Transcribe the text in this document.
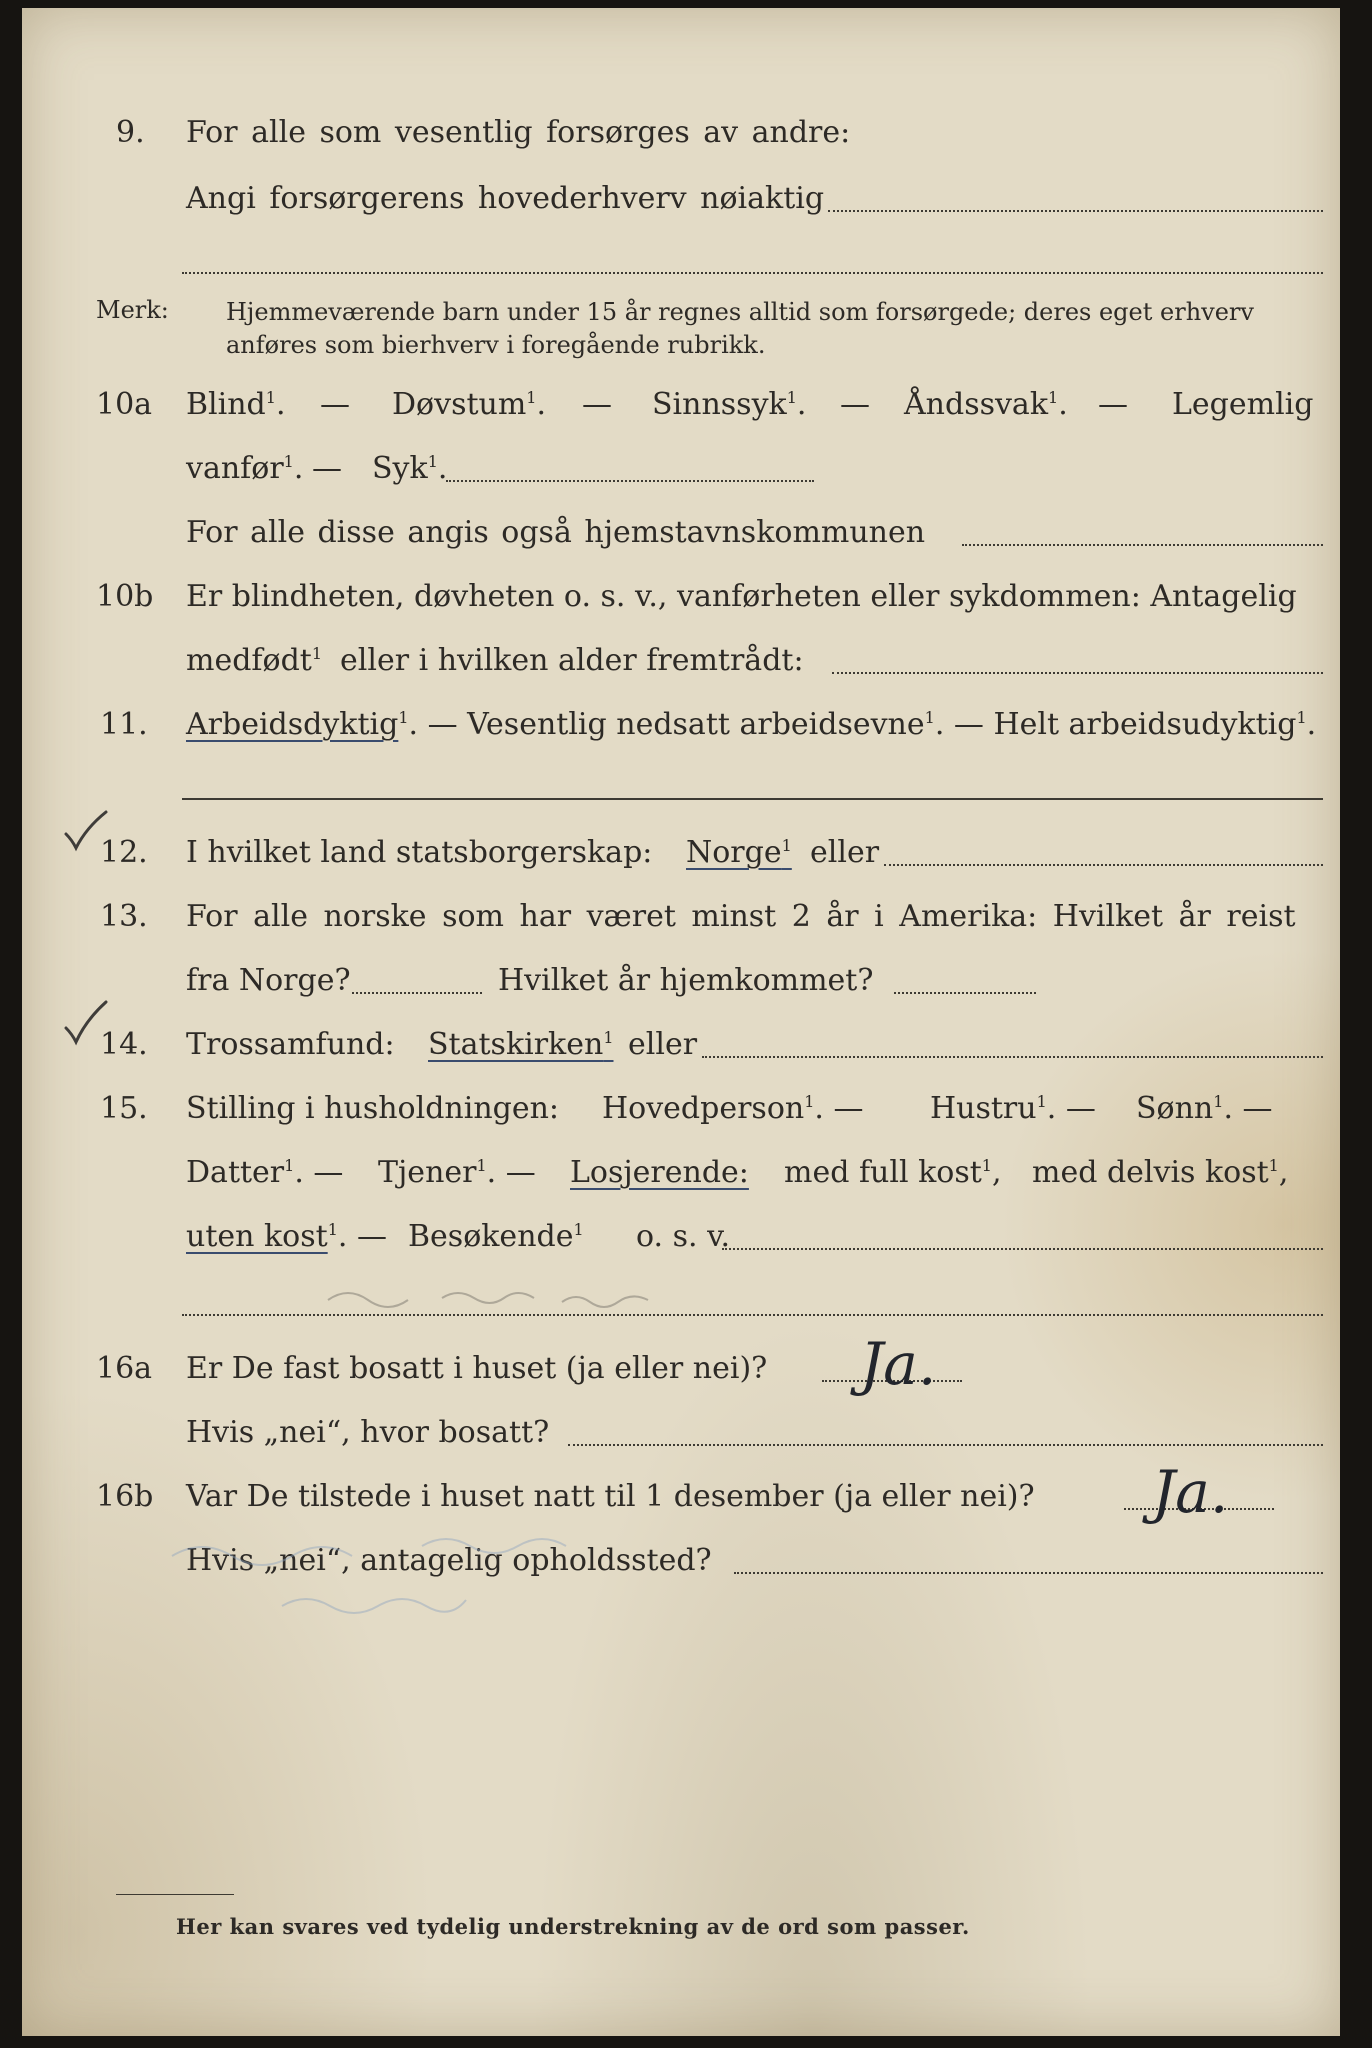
9. For alle som vesentlig forsørges av andre:
Angi forsørgerens hovederhverv nøiaktig
Merk: Hjemmeværende barn under 15 år regnes alltid som forsørgede; deres eget erhverv
anføres som bierhverv i foregående rubrikk.
10a Blind$^1$. — Døvstum$^1$. — Sinnssyk$^1$. — Åndssvak$^1$. — Legemlig
vanfør$^1$. — Syk$^1$.
For alle disse angis også hjemstavnskommunen
10b Er blindheten, døvheten o. s. v., vanførheten eller sykdommen: Antagelig
medfødt$^1$ eller i hvilken alder fremtrådt:
11. Arbeidsdyktig$^1$. — Vesentlig nedsatt arbeidsevne$^1$. — Helt arbeidsudyktig$^1$.
12. I hvilket land statsborgerskap: Norge$^1$ eller
13. For alle norske som har været minst 2 år i Amerika: Hvilket år reist
fra Norge?	Hvilket år hjemkommet?
14. Trossamfund: Statskirken$^1$ eller
15. Stilling i husholdningen: Hovedperson$^1$. — Hustru$^1$. — Sønn$^1$. —
Datter$^1$. — Tjener$^1$. — Losjerende: med full kost$^1$, med delvis kost$^1$,
uten kost$^1$. — Besøkende$^1$ o. s. v.
16a Er De fast bosatt i huset (ja eller nei)? Ja.
Hvis „nei“, hvor bosatt?
16b Var De tilstede i huset natt til 1 desember (ja eller nei)? Ja.
Hvis „nei“, antagelig opholdssted?
Her kan svares ved tydelig understrekning av de ord som passer.
